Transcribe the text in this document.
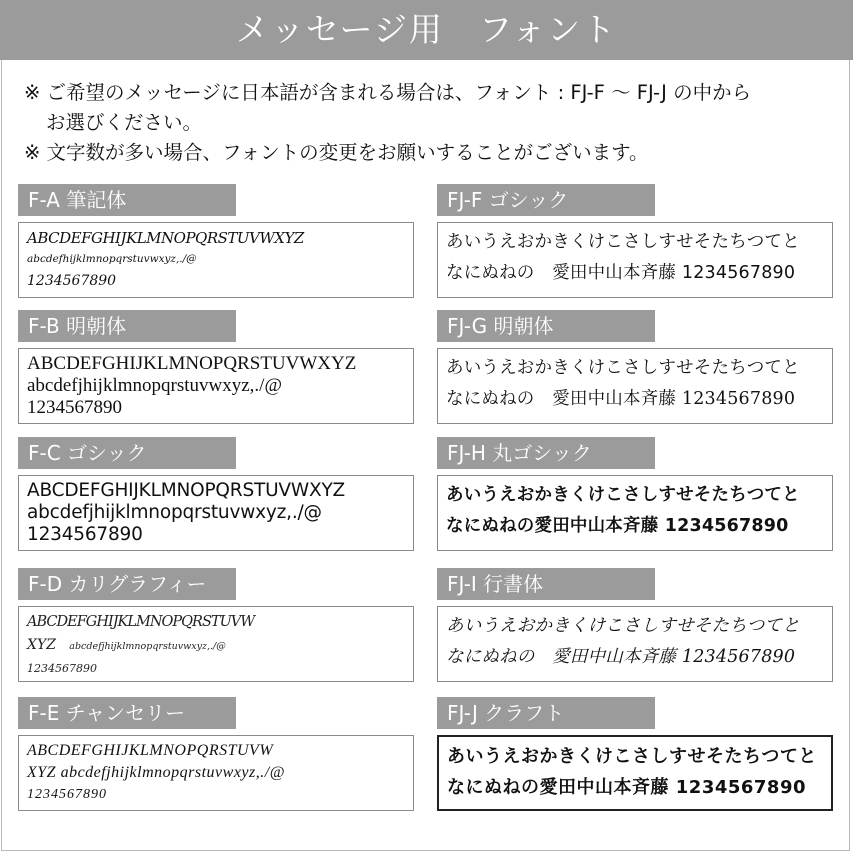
メッセージ用　フォント

※ ご希望のメッセージに日本語が含まれる場合は、フォント : FJ-F ～ FJ-J の中から

お選びください。

※ 文字数が多い場合、フォントの変更をお願いすることがございます。

F-A 筆記体
ABCDEFGHIJKLMNOPQRSTUVWXYZ
abcdefhijklmnopqrstuvwxyz,./@
1234567890
F-B 明朝体
ABCDEFGHIJKLMNOPQRSTUVWXYZ
abcdefjhijklmnopqrstuvwxyz,./@
1234567890
F-C ゴシック
ABCDEFGHIJKLMNOPQRSTUVWXYZ
abcdefjhijklmnopqrstuvwxyz,./@
1234567890
F-D カリグラフィー
ABCDEFGHIJKLMNOPQRSTUVW
XYZ abcdefjhijklmnopqrstuvwxyz,./@
1234567890
F-E チャンセリー
ABCDEFGHIJKLMNOPQRSTUVW
XYZ abcdefjhijklmnopqrstuvwxyz,./@
1234567890
FJ-F ゴシック
あいうえおかきくけこさしすせそたちつてと
なにぬねの　愛田中山本斉藤 1234567890
FJ-G 明朝体
あいうえおかきくけこさしすせそたちつてと
なにぬねの　愛田中山本斉藤 1234567890
FJ-H 丸ゴシック
あいうえおかきくけこさしすせそたちつてと
なにぬねの愛田中山本斉藤 1234567890
FJ-I 行書体
あいうえおかきくけこさしすせそたちつてと
なにぬねの　愛田中山本斉藤 1234567890
FJ-J クラフト
あいうえおかきくけこさしすせそたちつてと
なにぬねの愛田中山本斉藤 1234567890
